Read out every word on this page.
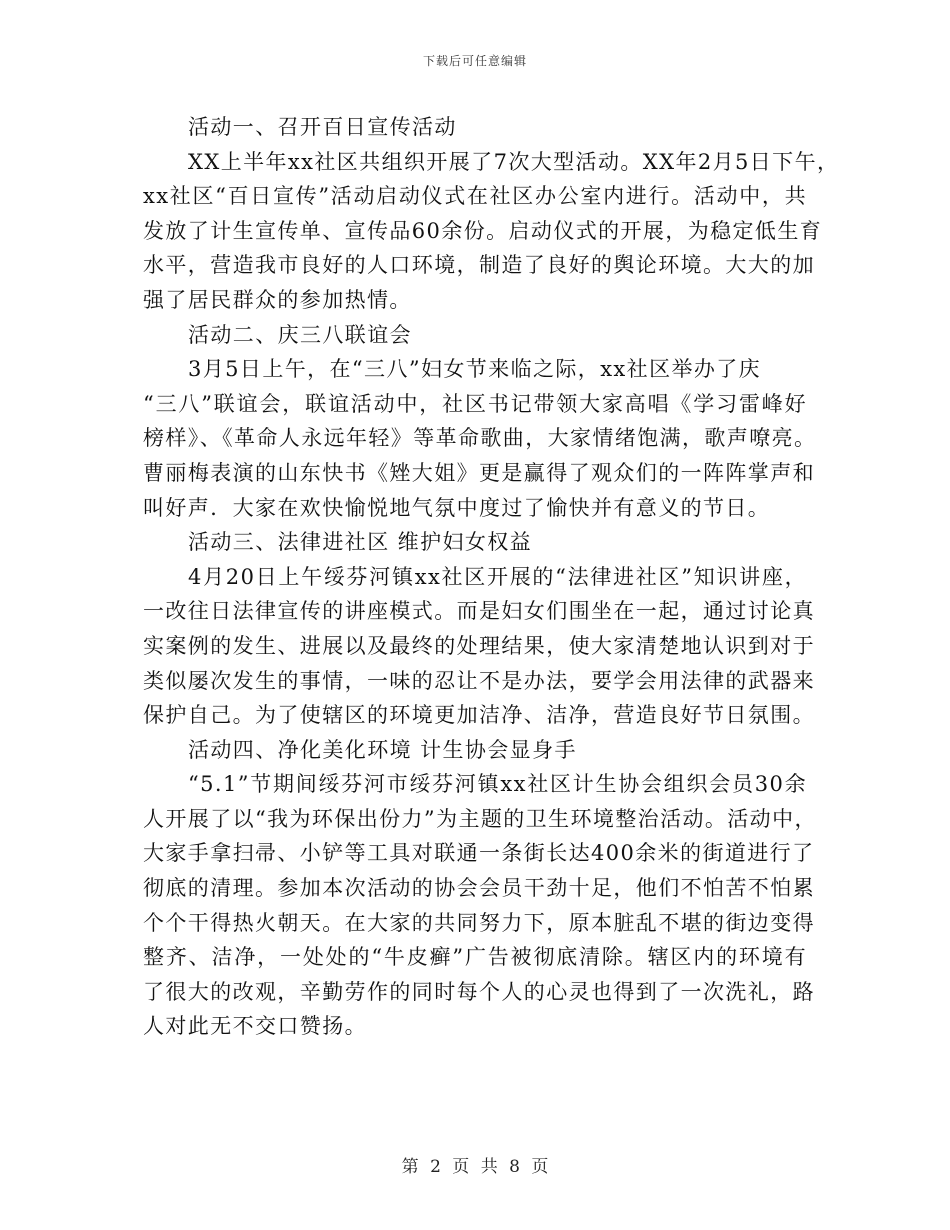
下载后可任意编辑
活动一、召开百日宣传活动
XX上半年xx社区共组织开展了7次大型活动。XX年2月5日下午，
xx社区“百日宣传”活动启动仪式在社区办公室内进行。活动中，共
发放了计生宣传单、宣传品60余份。启动仪式的开展，为稳定低生育
水平，营造我市良好的人口环境，制造了良好的舆论环境。大大的加
强了居民群众的参加热情。
活动二、庆三八联谊会
3月5日上午，在“三八”妇女节来临之际，xx社区举办了庆
“三八”联谊会，联谊活动中，社区书记带领大家高唱《学习雷峰好
榜样》、《革命人永远年轻》等革命歌曲，大家情绪饱满，歌声嘹亮。
曹丽梅表演的山东快书《矬大姐》更是赢得了观众们的一阵阵掌声和
叫好声．大家在欢快愉悦地气氛中度过了愉快并有意义的节日。
活动三、法律进社区 维护妇女权益
4月20日上午绥芬河镇xx社区开展的“法律进社区”知识讲座，
一改往日法律宣传的讲座模式。而是妇女们围坐在一起，通过讨论真
实案例的发生、进展以及最终的处理结果，使大家清楚地认识到对于
类似屡次发生的事情，一味的忍让不是办法，要学会用法律的武器来
保护自己。为了使辖区的环境更加洁净、洁净，营造良好节日氛围。
活动四、净化美化环境 计生协会显身手
“5.1”节期间绥芬河市绥芬河镇xx社区计生协会组织会员30余
人开展了以“我为环保出份力”为主题的卫生环境整治活动。活动中，
大家手拿扫帚、小铲等工具对联通一条街长达400余米的街道进行了
彻底的清理。参加本次活动的协会会员干劲十足，他们不怕苦不怕累
个个干得热火朝天。在大家的共同努力下，原本脏乱不堪的街边变得
整齐、洁净，一处处的“牛皮癣”广告被彻底清除。辖区内的环境有
了很大的改观，辛勤劳作的同时每个人的心灵也得到了一次洗礼，路
人对此无不交口赞扬。
第 2 页 共 8 页
